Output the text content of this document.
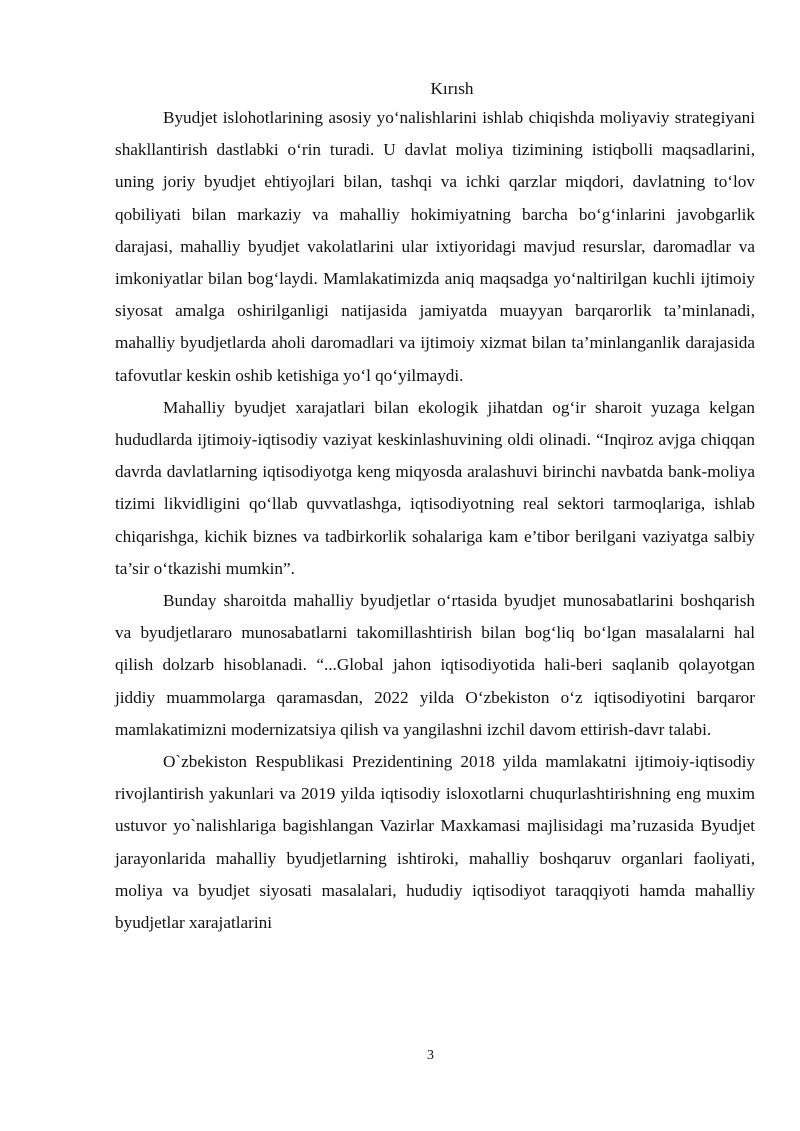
Kırısh

Byudjet islohotlarining asosiy yo‘nalishlarini ishlab chiqishda moliyaviy strategiyani shakllantirish dastlabki o‘rin turadi. U davlat moliya tizimining istiqbolli maqsadlarini, uning joriy byudjet ehtiyojlari bilan, tashqi va ichki qarzlar miqdori, davlatning to‘lov qobiliyati bilan markaziy va mahalliy hokimiyatning barcha bo‘g‘inlarini javobgarlik darajasi, mahalliy byudjet vakolatlarini ular ixtiyoridagi mavjud resurslar, daromadlar va imkoniyatlar bilan bog‘laydi. Mamlakatimizda aniq maqsadga yo‘naltirilgan kuchli ijtimoiy siyosat amalga oshirilganligi natijasida jamiyatda muayyan barqarorlik ta’minlanadi, mahalliy byudjetlarda aholi daromadlari va ijtimoiy xizmat bilan ta’minlanganlik darajasida tafovutlar keskin oshib ketishiga yo‘l qo‘yilmaydi.

Mahalliy byudjet xarajatlari bilan ekologik jihatdan og‘ir sharoit yuzaga kelgan hududlarda ijtimoiy-iqtisodiy vaziyat keskinlashuvining oldi olinadi. “Inqiroz avjga chiqqan davrda davlatlarning iqtisodiyotga keng miqyosda aralashuvi birinchi navbatda bank-moliya tizimi likvidligini qo‘llab quvvatlashga, iqtisodiyotning real sektori tarmoqlariga, ishlab chiqarishga, kichik biznes va tadbirkorlik sohalariga kam e’tibor berilgani vaziyatga salbiy ta’sir o‘tkazishi mumkin”.

Bunday sharoitda mahalliy byudjetlar o‘rtasida byudjet munosabatlarini boshqarish va byudjetlararo munosabatlarni takomillashtirish bilan bog‘liq bo‘lgan masalalarni hal qilish dolzarb hisoblanadi. “...Global jahon iqtisodiyotida hali-beri saqlanib qolayotgan jiddiy muammolarga qaramasdan, 2022 yilda O‘zbekiston o‘z iqtisodiyotini barqaror mamlakatimizni modernizatsiya qilish va yangilashni izchil davom ettirish-davr talabi.

O`zbekiston Respublikasi Prezidentining 2018 yilda mamlakatni ijtimoiy-iqtisodiy rivojlantirish yakunlari va 2019 yilda iqtisodiy isloxotlarni chuqurlashtirishning eng muxim ustuvor yo`nalishlariga bagishlangan Vazirlar Maxkamasi majlisidagi ma’ruzasida Byudjet jarayonlarida mahalliy byudjetlarning ishtiroki, mahalliy boshqaruv organlari faoliyati, moliya va byudjet siyosati masalalari, hududiy iqtisodiyot taraqqiyoti hamda mahalliy byudjetlar xarajatlarini

3
